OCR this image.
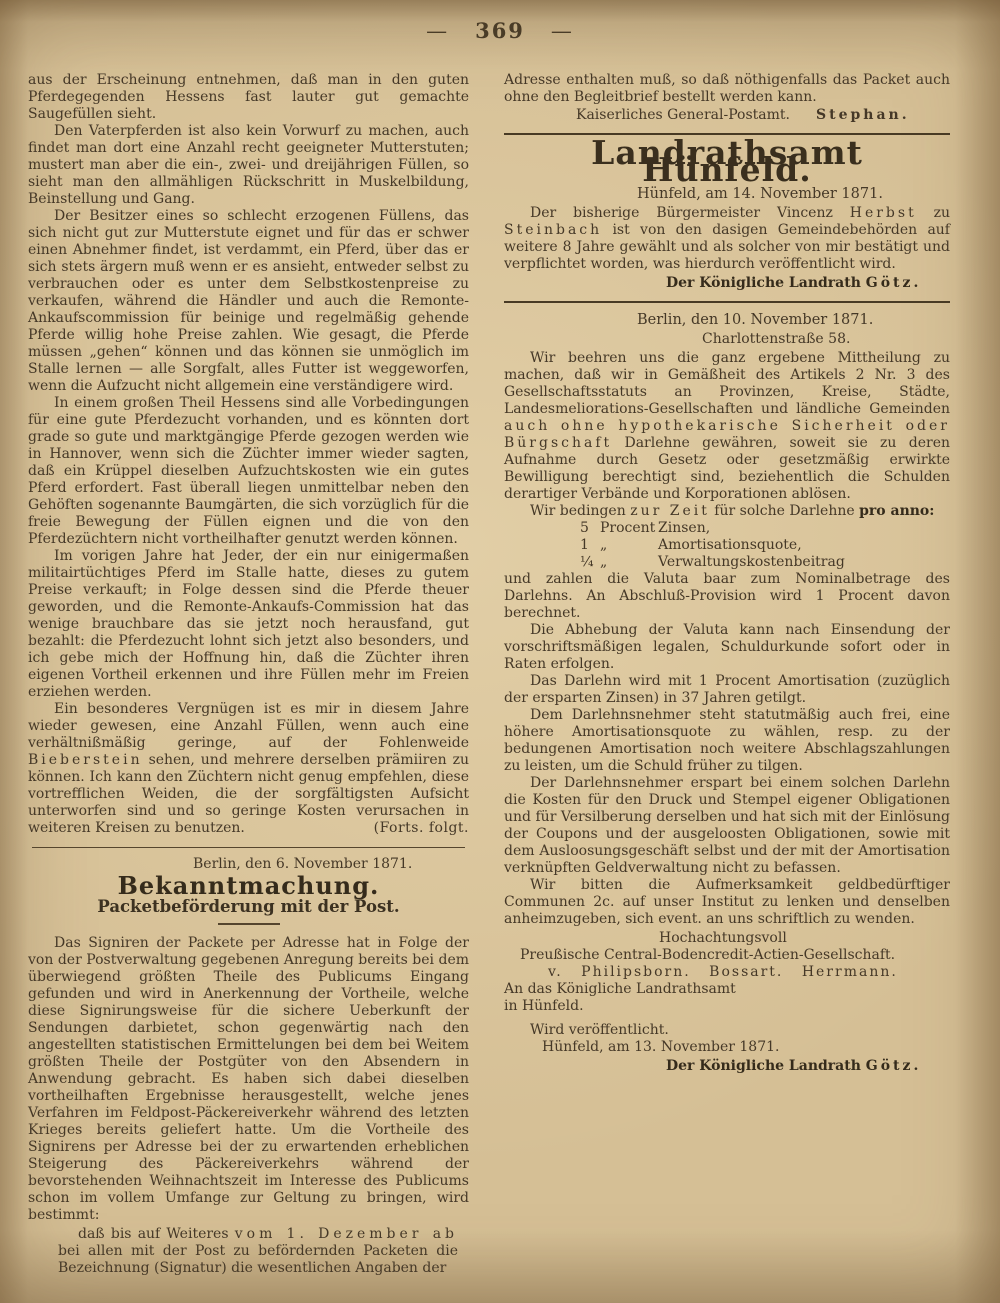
— 369 —

aus der Erscheinung entnehmen, daß man in den guten Pferdegegenden Hessens fast lauter gut gemachte Saugefüllen sieht.

Den Vaterpferden ist also kein Vorwurf zu machen, auch findet man dort eine Anzahl recht geeigneter Mutterstuten; mustert man aber die ein-, zwei- und dreijährigen Füllen, so sieht man den allmähligen Rückschritt in Muskelbildung, Beinstellung und Gang.

Der Besitzer eines so schlecht erzogenen Füllens, das sich nicht gut zur Mutterstute eignet und für das er schwer einen Abnehmer findet, ist verdammt, ein Pferd, über das er sich stets ärgern muß wenn er es ansieht, entweder selbst zu verbrauchen oder es unter dem Selbstkostenpreise zu verkaufen, während die Händler und auch die Remonte-Ankaufscommission für beinige und regelmäßig gehende Pferde willig hohe Preise zahlen. Wie gesagt, die Pferde müssen „gehen“ können und das können sie unmöglich im Stalle lernen — alle Sorgfalt, alles Futter ist weggeworfen, wenn die Aufzucht nicht allgemein eine verständigere wird.

In einem großen Theil Hessens sind alle Vorbedingungen für eine gute Pferdezucht vorhanden, und es könnten dort grade so gute und marktgängige Pferde gezogen werden wie in Hannover, wenn sich die Züchter immer wieder sagten, daß ein Krüppel dieselben Aufzuchtskosten wie ein gutes Pferd erfordert. Fast überall liegen unmittelbar neben den Gehöften sogenannte Baumgärten, die sich vorzüglich für die freie Bewegung der Füllen eignen und die von den Pferdezüchtern nicht vortheilhafter genutzt werden können.

Im vorigen Jahre hat Jeder, der ein nur einigermaßen militairtüchtiges Pferd im Stalle hatte, dieses zu gutem Preise verkauft; in Folge dessen sind die Pferde theuer geworden, und die Remonte-Ankaufs-Commission hat das wenige brauchbare das sie jetzt noch herausfand, gut bezahlt: die Pferdezucht lohnt sich jetzt also besonders, und ich gebe mich der Hoffnung hin, daß die Züchter ihren eigenen Vortheil erkennen und ihre Füllen mehr im Freien erziehen werden.

Ein besonderes Vergnügen ist es mir in diesem Jahre wieder gewesen, eine Anzahl Füllen, wenn auch eine verhältnißmäßig geringe, auf der Fohlenweide Bieberstein sehen, und mehrere derselben prämiiren zu können. Ich kann den Züchtern nicht genug empfehlen, diese vortrefflichen Weiden, die der sorgfältigsten Aufsicht unterworfen sind und so geringe Kosten verursachen in weiteren Kreisen zu benutzen.	(Forts. folgt.

Berlin, den 6. November 1871.

Bekanntmachung.

Packetbeförderung mit der Post.

Das Signiren der Packete per Adresse hat in Folge der von der Postverwaltung gegebenen Anregung bereits bei dem überwiegend größten Theile des Publicums Eingang gefunden und wird in Anerkennung der Vortheile, welche diese Signirungsweise für die sichere Ueberkunft der Sendungen darbietet, schon gegenwärtig nach den angestellten statistischen Ermittelungen bei dem bei Weitem größten Theile der Postgüter von den Absendern in Anwendung gebracht. Es haben sich dabei dieselben vortheilhaften Ergebnisse herausgestellt, welche jenes Verfahren im Feldpost-Päckereiverkehr während des letzten Krieges bereits geliefert hatte. Um die Vortheile des Signirens per Adresse bei der zu erwartenden erheblichen Steigerung des Päckereiverkehrs während der bevorstehenden Weihnachtszeit im Interesse des Publicums schon im vollem Umfange zur Geltung zu bringen, wird bestimmt:

daß bis auf Weiteres vom 1. Dezember ab bei allen mit der Post zu befördernden Packeten die Bezeichnung (Signatur) die wesentlichen Angaben der

Adresse enthalten muß, so daß nöthigenfalls das Packet auch ohne den Begleitbrief bestellt werden kann.

Kaiserliches General-Postamt. Stephan.

Landrathsamt Hünfeld.

Hünfeld, am 14. November 1871.

Der bisherige Bürgermeister Vincenz Herbst zu Steinbach ist von den dasigen Gemeindebehörden auf weitere 8 Jahre gewählt und als solcher von mir bestätigt und verpflichtet worden, was hierdurch veröffentlicht wird.

Der Königliche Landrath Götz.

Berlin, den 10. November 1871.

Charlottenstraße 58.

Wir beehren uns die ganz ergebene Mittheilung zu machen, daß wir in Gemäßheit des Artikels 2 Nr. 3 des Gesellschaftsstatuts an Provinzen, Kreise, Städte, Landesmeliorations-Gesellschaften und ländliche Gemeinden auch ohne hypothekarische Sicherheit oder Bürgschaft Darlehne gewähren, soweit sie zu deren Aufnahme durch Gesetz oder gesetzmäßig erwirkte Bewilligung berechtigt sind, beziehentlich die Schulden derartiger Verbände und Korporationen ablösen.

Wir bedingen zur Zeit für solche Darlehne pro anno:

5 Procent Zinsen,
1 „	Amortisationsquote,
¼ „	Verwaltungskostenbeitrag

und zahlen die Valuta baar zum Nominalbetrage des Darlehns. An Abschluß-Provision wird 1 Procent davon berechnet.

Die Abhebung der Valuta kann nach Einsendung der vorschriftsmäßigen legalen, Schuldurkunde sofort oder in Raten erfolgen.

Das Darlehn wird mit 1 Procent Amortisation (zuzüglich der ersparten Zinsen) in 37 Jahren getilgt.

Dem Darlehnsnehmer steht statutmäßig auch frei, eine höhere Amortisationsquote zu wählen, resp. zu der bedungenen Amortisation noch weitere Abschlagszahlungen zu leisten, um die Schuld früher zu tilgen.

Der Darlehnsnehmer erspart bei einem solchen Darlehn die Kosten für den Druck und Stempel eigener Obligationen und für Versilberung derselben und hat sich mit der Einlösung der Coupons und der ausgeloosten Obligationen, sowie mit dem Ausloosungsgeschäft selbst und der mit der Amortisation verknüpften Geldverwaltung nicht zu befassen.

Wir bitten die Aufmerksamkeit geldbedürftiger Communen 2c. auf unser Institut zu lenken und denselben anheimzugeben, sich event. an uns schriftlich zu wenden.

Hochachtungsvoll

Preußische Central-Bodencredit-Actien-Gesellschaft.

v. Philipsborn. Bossart. Herrmann.

An das Königliche Landrathsamt

in Hünfeld.

Wird veröffentlicht.

Hünfeld, am 13. November 1871.

Der Königliche Landrath Götz.
